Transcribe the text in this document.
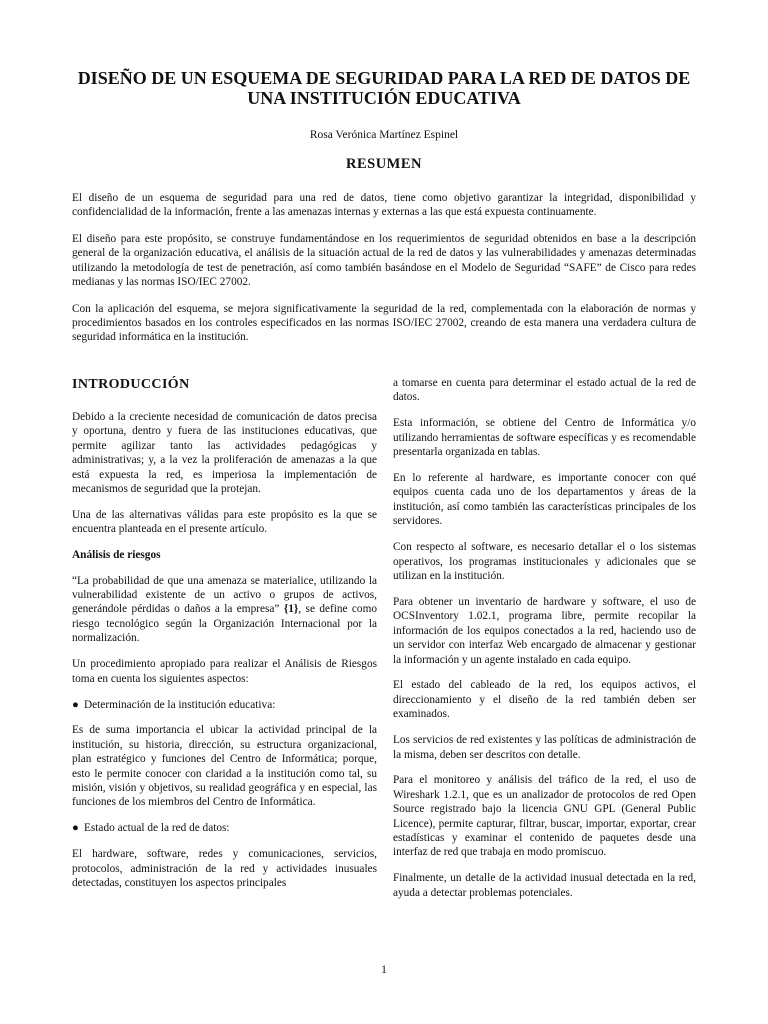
DISEÑO DE UN ESQUEMA DE SEGURIDAD PARA LA RED DE DATOS DE
UNA INSTITUCIÓN EDUCATIVA
Rosa Verónica Martínez Espinel
RESUMEN

El diseño de un esquema de seguridad para una red de datos, tiene como objetivo garantizar la integridad, disponibilidad y confidencialidad de la información, frente a las amenazas internas y externas a las que está expuesta continuamente.

El diseño para este propósito, se construye fundamentándose en los requerimientos de seguridad obtenidos en base a la descripción general de la organización educativa, el análisis de la situación actual de la red de datos y las vulnerabilidades y amenazas determinadas utilizando la metodología de test de penetración, así como también basándose en el Modelo de Seguridad “SAFE” de Cisco para redes medianas y las normas ISO/IEC 27002.

Con la aplicación del esquema, se mejora significativamente la seguridad de la red, complementada con la elaboración de normas y procedimientos basados en los controles especificados en las normas ISO/IEC 27002, creando de esta manera una verdadera cultura de seguridad informática en la institución.

INTRODUCCIÓN

Debido a la creciente necesidad de comunicación de datos precisa y oportuna, dentro y fuera de las instituciones educativas, que permite agilizar tanto las actividades pedagógicas y administrativas; y, a la vez la proliferación de amenazas a la que está expuesta la red, es imperiosa la implementación de mecanismos de seguridad que la protejan.

Una de las alternativas válidas para este propósito es la que se encuentra planteada en el presente artículo.

Análisis de riesgos

“La probabilidad de que una amenaza se materialice, utilizando la vulnerabilidad existente de un activo o grupos de activos, generándole pérdidas o daños a la empresa” {1}, se define como riesgo tecnológico según la Organización Internacional por la normalización.

Un procedimiento apropiado para realizar el Análisis de Riesgos toma en cuenta los siguientes aspectos:

● Determinación de la institución educativa:

Es de suma importancia el ubicar la actividad principal de la institución, su historia, dirección, su estructura organizacional, plan estratégico y funciones del Centro de Informática; porque, esto le permite conocer con claridad a la institución como tal, su misión, visión y objetivos, su realidad geográfica y en especial, las funciones de los miembros del Centro de Informática.

● Estado actual de la red de datos:

El hardware, software, redes y comunicaciones, servicios, protocolos, administración de la red y actividades inusuales detectadas, constituyen los aspectos principales

a tomarse en cuenta para determinar el estado actual de la red de datos.

Esta información, se obtiene del Centro de Informática y/o utilizando herramientas de software específicas y es recomendable presentarla organizada en tablas.

En lo referente al hardware, es importante conocer con qué equipos cuenta cada uno de los departamentos y áreas de la institución, así como también las características principales de los servidores.

Con respecto al software, es necesario detallar el o los sistemas operativos, los programas institucionales y adicionales que se utilizan en la institución.

Para obtener un inventario de hardware y software, el uso de OCSInventory 1.02.1, programa libre, permite recopilar la información de los equipos conectados a la red, haciendo uso de un servidor con interfaz Web encargado de almacenar y gestionar la información y un agente instalado en cada equipo.

El estado del cableado de la red, los equipos activos, el direccionamiento y el diseño de la red también deben ser examinados.

Los servicios de red existentes y las políticas de administración de la misma, deben ser descritos con detalle.

Para el monitoreo y análisis del tráfico de la red, el uso de Wireshark 1.2.1, que es un analizador de protocolos de red Open Source registrado bajo la licencia GNU GPL (General Public Licence), permite capturar, filtrar, buscar, importar, exportar, crear estadísticas y examinar el contenido de paquetes desde una interfaz de red que trabaja en modo promiscuo.

Finalmente, un detalle de la actividad inusual detectada en la red, ayuda a detectar problemas potenciales.

1
